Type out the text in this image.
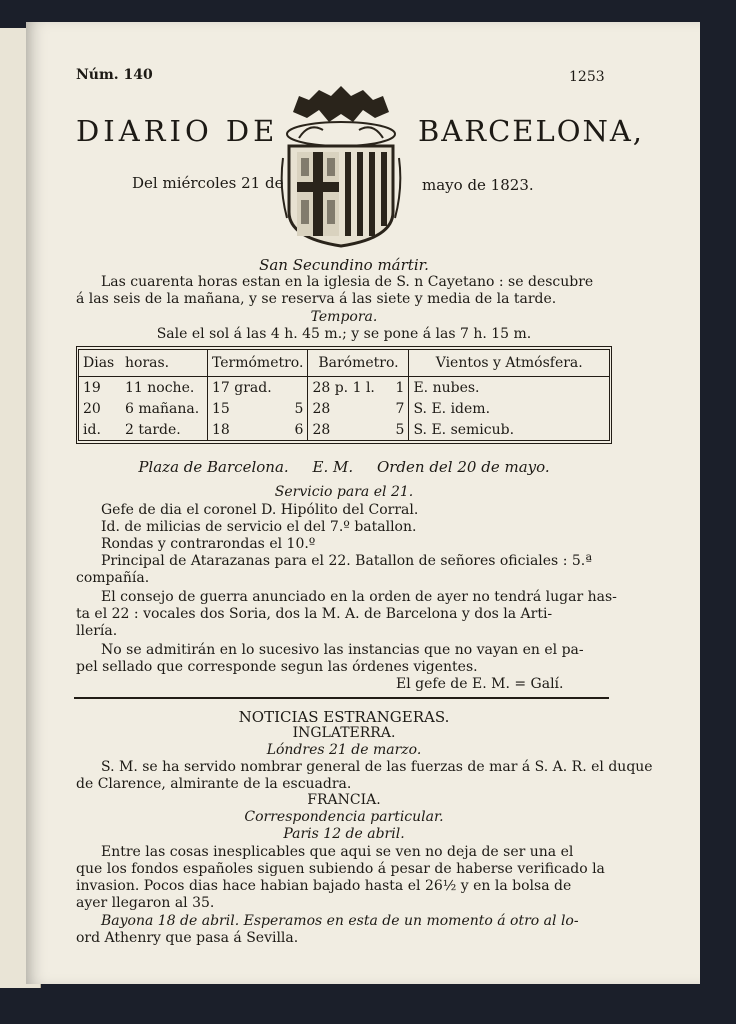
Núm. 140	1253
DIARIO DE	BARCELONA,
Del miércoles 21 de	mayo de 1823.
San Secundino mártir.
Las cuarenta horas estan en la iglesia de S. n Cayetano : se descubre
á las seis de la mañana, y se reserva á las siete y media de la tarde.
Tempora.
Sale el sol á las 4 h. 45 m.; y se pone á las 7 h. 15 m.
Dias	horas.	Termómetro.		Barómetro.		Vientos y Atmósfera.
19	11 noche.	17 grad.		28 p. 1 l.	1	E. nubes.
20	6 mañana.	15	5	28	7	S. E. idem.
id.	2 tarde.	18	6	28	5	S. E. semicub.
Plaza de Barcelona.     E. M.     Orden del 20 de mayo.
Servicio para el 21.
Gefe de dia el coronel D. Hipólito del Corral.
Id. de milicias de servicio el del 7.º batallon.
Rondas y contrarondas el 10.º
Principal de Atarazanas para el 22. Batallon de señores oficiales : 5.ª
compañía.
El consejo de guerra anunciado en la orden de ayer no tendrá lugar has-
ta el 22 : vocales dos Soria, dos la M. A. de Barcelona y dos la Arti-
llería.
No se admitirán en lo sucesivo las instancias que no vayan en el pa-
pel sellado que corresponde segun las órdenes vigentes.
El gefe de E. M. = Galí.
NOTICIAS ESTRANGERAS.
INGLATERRA.
Lóndres 21 de marzo.
S. M. se ha servido nombrar general de las fuerzas de mar á S. A. R. el duque
de Clarence, almirante de la escuadra.
FRANCIA.
Correspondencia particular.
Paris 12 de abril.
Entre las cosas inesplicables que aqui se ven no deja de ser una el
que los fondos españoles siguen subiendo á pesar de haberse verificado la
invasion. Pocos dias hace habian bajado hasta el 26½ y en la bolsa de
ayer llegaron al 35.
Bayona 18 de abril. Esperamos en esta de un momento á otro al lo-
ord Athenry que pasa á Sevilla.
